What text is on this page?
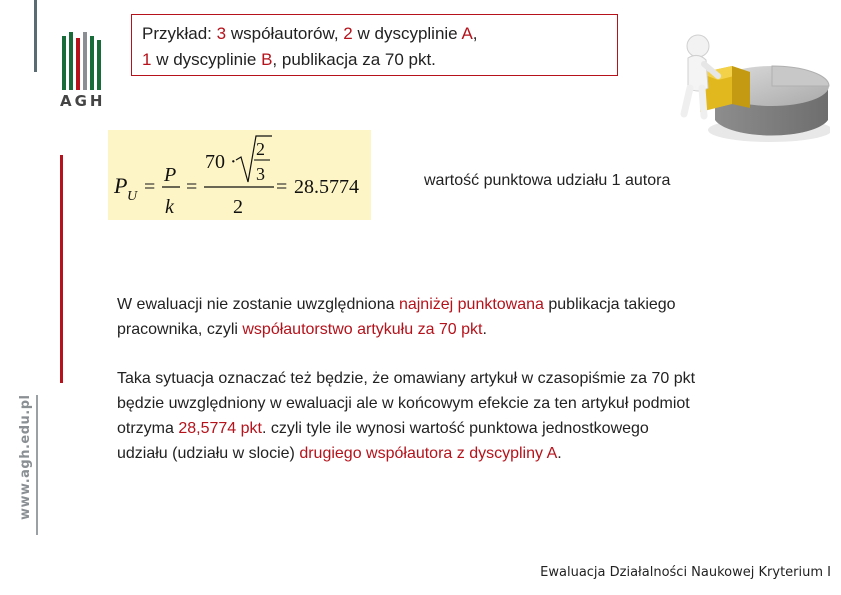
AGH
www.agh.edu.pl
Przykład: 3 współautorów, 2 w dyscyplinie A,
1 w dyscyplinie B, publikacja za 70 pkt.
P U =
P
k
=
70 ·
2
3
2
= 28.5774	wartość punktowa udziału 1 autora
W ewaluacji nie zostanie uwzględniona najniżej punktowana publikacja takiego pracownika, czyli współautorstwo artykułu za 70 pkt.
Taka sytuacja oznaczać też będzie, że omawiany artykuł w czasopiśmie za 70 pkt będzie uwzględniony w ewaluacji ale w końcowym efekcie za ten artykuł podmiot otrzyma 28,5774 pkt. czyli tyle ile wynosi wartość punktowa jednostkowego udziału (udziału w slocie) drugiego współautora z dyscypliny A.
Ewaluacja Działalności Naukowej Kryterium I
